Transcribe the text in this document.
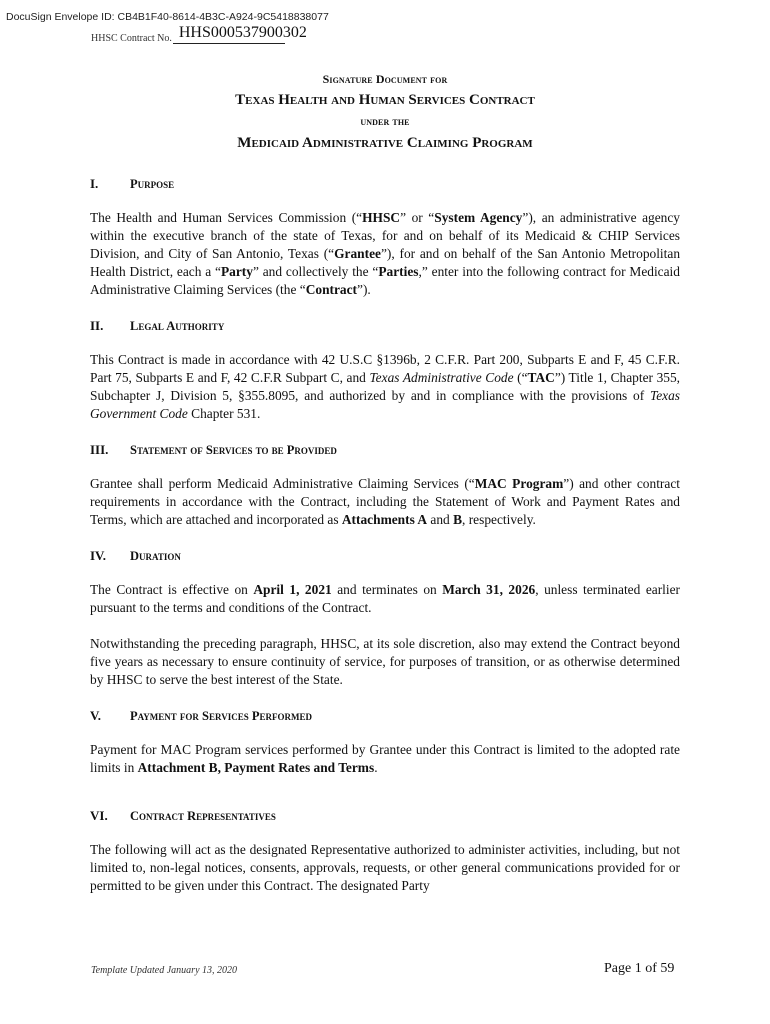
DocuSign Envelope ID: CB4B1F40-8614-4B3C-A924-9C5418838077
HHSC Contract No. HHS000537900302
Signature Document for
Texas Health and Human Services Contract
under the
Medicaid Administrative Claiming Program
I.	Purpose

The Health and Human Services Commission (“HHSC” or “System Agency”), an administrative agency within the executive branch of the state of Texas, for and on behalf of its Medicaid & CHIP Services Division, and City of San Antonio, Texas (“Grantee”), for and on behalf of the San Antonio Metropolitan Health District, each a “Party” and collectively the “Parties,” enter into the following contract for Medicaid Administrative Claiming Services (the “Contract”).

II.	Legal Authority

This Contract is made in accordance with 42 U.S.C §1396b, 2 C.F.R. Part 200, Subparts E and F, 45 C.F.R. Part 75, Subparts E and F, 42 C.F.R Subpart C, and Texas Administrative Code (“TAC”) Title 1, Chapter 355, Subchapter J, Division 5, §355.8095, and authorized by and in compliance with the provisions of Texas Government Code Chapter 531.

III.	Statement of Services to be Provided

Grantee shall perform Medicaid Administrative Claiming Services (“MAC Program”) and other contract requirements in accordance with the Contract, including the Statement of Work and Payment Rates and Terms, which are attached and incorporated as Attachments A and B, respectively.

IV.	Duration

The Contract is effective on April 1, 2021 and terminates on March 31, 2026, unless terminated earlier pursuant to the terms and conditions of the Contract.

Notwithstanding the preceding paragraph, HHSC, at its sole discretion, also may extend the Contract beyond five years as necessary to ensure continuity of service, for purposes of transition, or as otherwise determined by HHSC to serve the best interest of the State.

V.	Payment for Services Performed

Payment for MAC Program services performed by Grantee under this Contract is limited to the adopted rate limits in Attachment B, Payment Rates and Terms.

VI.	Contract Representatives

The following will act as the designated Representative authorized to administer activities, including, but not limited to, non-legal notices, consents, approvals, requests, or other general communications provided for or permitted to be given under this Contract. The designated Party

Template Updated January 13, 2020	Page 1 of 59
